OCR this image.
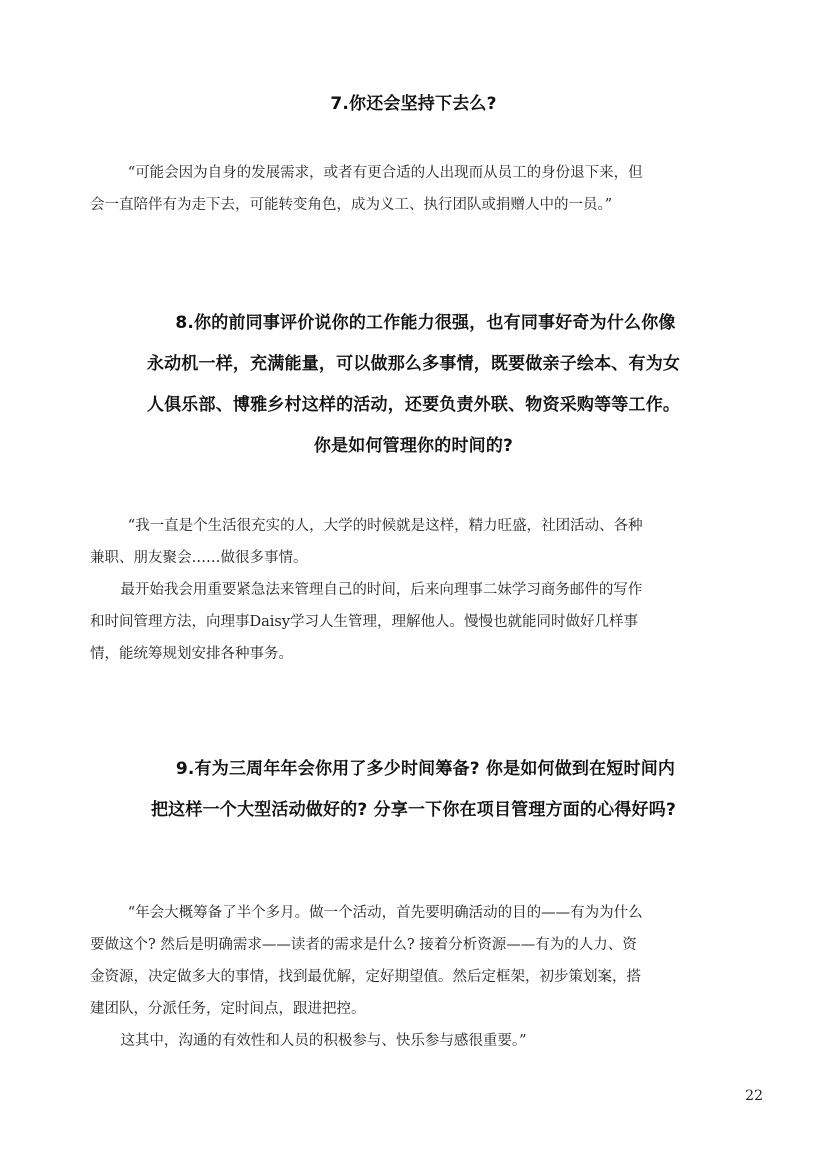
7.你还会坚持下去么?
“可能会因为自身的发展需求，或者有更合适的人出现而从员工的身份退下来，但
会一直陪伴有为走下去，可能转变角色，成为义工、执行团队或捐赠人中的一员。”
8.你的前同事评价说你的工作能力很强，也有同事好奇为什么你像
永动机一样，充满能量，可以做那么多事情，既要做亲子绘本、有为女
人俱乐部、博雅乡村这样的活动，还要负责外联、物资采购等等工作。
你是如何管理你的时间的?
“我一直是个生活很充实的人，大学的时候就是这样，精力旺盛，社团活动、各种
兼职、朋友聚会……做很多事情。
最开始我会用重要紧急法来管理自己的时间，后来向理事二妹学习商务邮件的写作
和时间管理方法，向理事Daisy学习人生管理，理解他人。慢慢也就能同时做好几样事
情，能统筹规划安排各种事务。
9.有为三周年年会你用了多少时间筹备? 你是如何做到在短时间内
把这样一个大型活动做好的? 分享一下你在项目管理方面的心得好吗?
“年会大概筹备了半个多月。做一个活动，首先要明确活动的目的——有为为什么
要做这个? 然后是明确需求——读者的需求是什么? 接着分析资源——有为的人力、资
金资源，决定做多大的事情，找到最优解，定好期望值。然后定框架，初步策划案，搭
建团队，分派任务，定时间点，跟进把控。
这其中，沟通的有效性和人员的积极参与、快乐参与感很重要。”
22
